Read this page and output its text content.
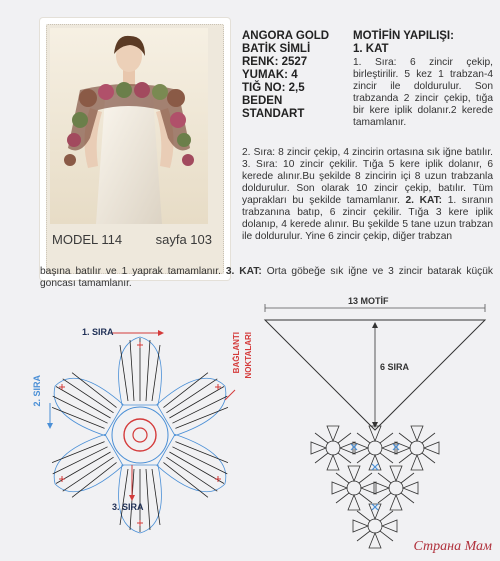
MODEL 114	sayfa 103
ANGORA GOLD
BATİK SİMLİ
RENK: 2527
YUMAK: 4
TIĞ NO: 2,5
BEDEN
STANDART
MOTİFİN YAPILIŞI:
1. KAT
1. Sıra: 6 zincir çekip, birleştirilir. 5 kez 1 trabzan-4 zincir ile doldurulur. Son trabzanda 2 zincir çekip, tığa bir kere iplik dolanır.2 kerede tamamlanır.
2. Sıra: 8 zincir çekip, 4 zincirin ortasına sık iğne batılır. 3. Sıra: 10 zincir çekilir. Tığa 5 kere iplik dolanır, 6 kerede alınır.Bu şekilde 8 zincirin içi 8 uzun trabzanla doldurulur. Son olarak 10 zincir çekip, batılır. Tüm yaprakları bu şekilde tamamlanır. 2. KAT: 1. sıranın trabzanına batıp, 6 zincir çekilir. Tığa 3 kere iplik dolanıp, 4 kerede alınır. Bu şekilde 5 tane uzun trabzan ile doldurulur. Yine 6 zincir çekip, diğer trabzan
başına batılır ve 1 yaprak tamamlanır. 3. KAT: Orta göbeğe sık iğne ve 3 zincir batarak küçük goncası tamamlanır.
1. SIRA
2. SIRA
3. SIRA
BAĞLANTI NOKTALARI
13 MOTİF
6 SIRA
Страна Мам
